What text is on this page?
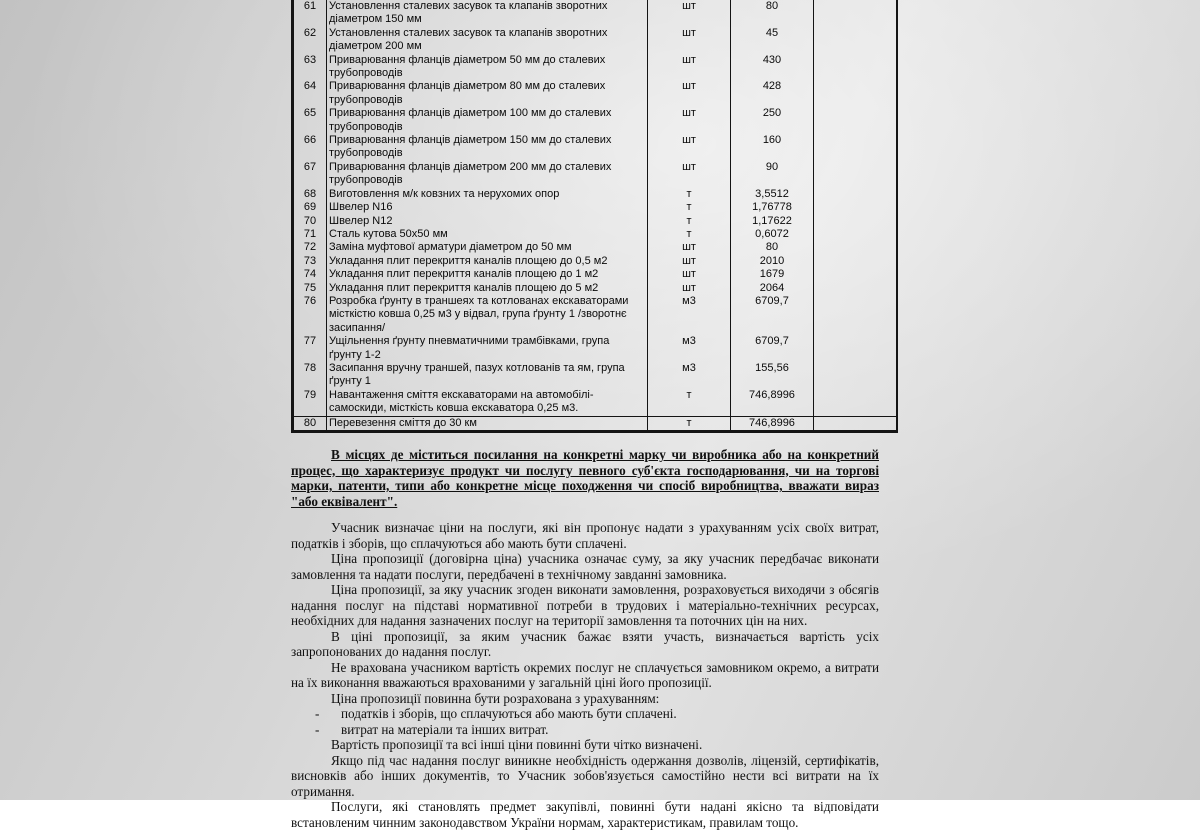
61	Установлення сталевих засувок та клапанів зворотних діаметром 150 мм	шт	80	
62	Установлення сталевих засувок та клапанів зворотних діаметром 200 мм	шт	45	
63	Приварювання фланців діаметром 50 мм до сталевих трубопроводів	шт	430	
64	Приварювання фланців діаметром 80 мм до сталевих трубопроводів	шт	428	
65	Приварювання фланців діаметром 100 мм до сталевих трубопроводів	шт	250	
66	Приварювання фланців діаметром 150 мм до сталевих трубопроводів	шт	160	
67	Приварювання фланців діаметром 200 мм до сталевих трубопроводів	шт	90	
68	Виготовлення м/к ковзних та нерухомих опор	т	3,5512	
69	Швелер N16	т	1,76778	
70	Швелер N12	т	1,17622	
71	Сталь кутова 50х50 мм	т	0,6072	
72	Заміна муфтової арматури діаметром до 50 мм	шт	80	
73	Укладання плит перекриття каналів площею до 0,5 м2	шт	2010	
74	Укладання плит перекриття каналів площею до 1 м2	шт	1679	
75	Укладання плит перекриття каналів площею до 5 м2	шт	2064	
76	Розробка ґрунту в траншеях та котлованах екскаваторами місткістю ковша 0,25 м3 у відвал, група ґрунту 1 /зворотнє засипання/	м3	6709,7	
77	Ущільнення ґрунту пневматичними трамбівками, група ґрунту 1-2	м3	6709,7	
78	Засипання вручну траншей, пазух котлованів та ям, група ґрунту 1	м3	155,56	
79	Навантаження сміття екскаваторами на автомобілі-самоскиди, місткість ковша екскаватора 0,25 м3.	т	746,8996	
80	Перевезення сміття до 30 км	т	746,8996	

В місцях де міститься посилання на конкретні марку чи виробника або на конкретний процес, що характеризує продукт чи послугу певного суб'єкта господарювання, чи на торгові марки, патенти, типи або конкретне місце походження чи спосіб виробництва, вважати вираз "або еквівалент".

Учасник визначає ціни на послуги, які він пропонує надати з урахуванням усіх своїх витрат, податків і зборів, що сплачуються або мають бути сплачені.

Ціна пропозиції (договірна ціна) учасника означає суму, за яку учасник передбачає виконати замовлення та надати послуги, передбачені в технічному завданні замовника.

Ціна пропозиції, за яку учасник згоден виконати замовлення, розраховується виходячи з обсягів надання послуг на підставі нормативної потреби в трудових і матеріально-технічних ресурсах, необхідних для надання зазначених послуг на території замовлення та поточних цін на них.

В ціні пропозиції, за яким учасник бажає взяти участь, визначається вартість усіх запропонованих до надання послуг.

Не врахована учасником вартість окремих послуг не сплачується замовником окремо, а витрати на їх виконання вважаються врахованими у загальній ціні його пропозиції.

Ціна пропозиції повинна бути розрахована з урахуванням:

-	податків і зборів, що сплачуються або мають бути сплачені.
-	витрат на матеріали та інших витрат.

Вартість пропозиції та всі інші ціни повинні бути чітко визначені.

Якщо під час надання послуг виникне необхідність одержання дозволів, ліцензій, сертифікатів, висновків або інших документів, то Учасник зобов'язується самостійно нести всі витрати на їх отримання.

Послуги, які становлять предмет закупівлі, повинні бути надані якісно та відповідати встановленим чинним законодавством України нормам, характеристикам, правилам тощо.
